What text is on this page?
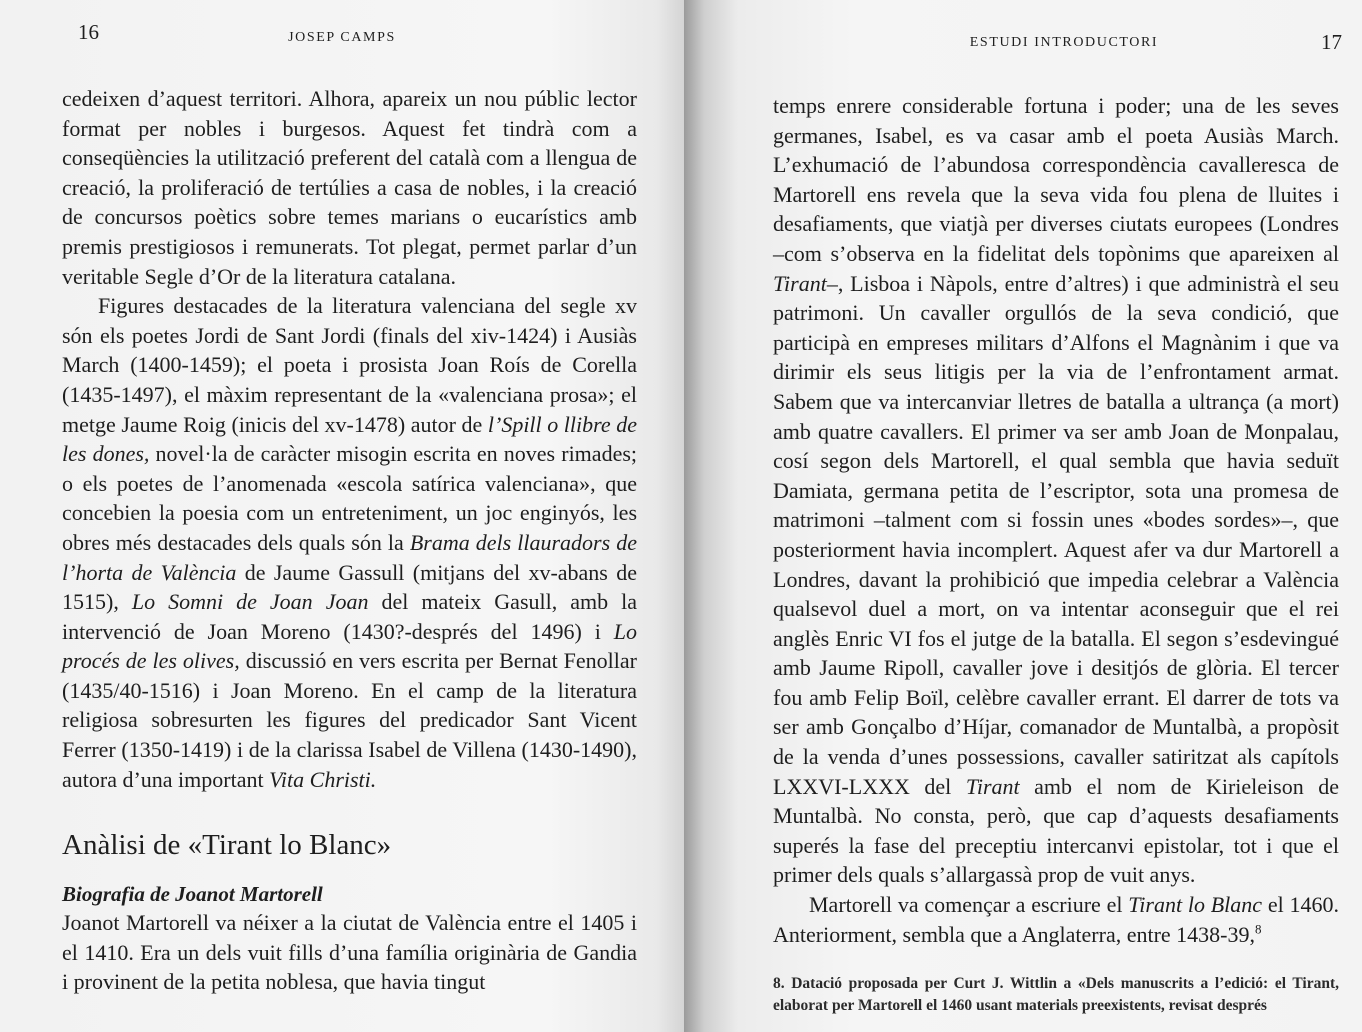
16	JOSEP CAMPS

cedeixen d’aquest territori. Alhora, apareix un nou públic lector format per nobles i burgesos. Aquest fet tindrà com a conseqüències la utilització preferent del català com a llengua de creació, la proliferació de tertúlies a casa de nobles, i la creació de concursos poètics sobre temes marians o eucarístics amb premis prestigiosos i remunerats. Tot plegat, permet parlar d’un veritable Segle d’Or de la literatura catalana.

Figures destacades de la literatura valenciana del segle xv són els poetes Jordi de Sant Jordi (finals del xiv-1424) i Ausiàs March (1400-1459); el poeta i prosista Joan Roís de Corella (1435-1497), el màxim representant de la «valenciana prosa»; el metge Jaume Roig (inicis del xv-1478) autor de l’Spill o llibre de les dones, novel·la de caràcter misogin escrita en noves rimades; o els poetes de l’anomenada «escola satírica valenciana», que concebien la poesia com un entreteniment, un joc enginyós, les obres més destacades dels quals són la Brama dels llauradors de l’horta de València de Jaume Gassull (mitjans del xv-abans de 1515), Lo Somni de Joan Joan del mateix Gasull, amb la intervenció de Joan Moreno (1430?-després del 1496) i Lo procés de les olives, discussió en vers escrita per Bernat Fenollar (1435/40-1516) i Joan Moreno. En el camp de la literatura religiosa sobresurten les figures del predicador Sant Vicent Ferrer (1350-1419) i de la clarissa Isabel de Villena (1430-1490), autora d’una important Vita Christi.

Anàlisi de «Tirant lo Blanc»
Biografia de Joanot Martorell

Joanot Martorell va néixer a la ciutat de València entre el 1405 i el 1410. Era un dels vuit fills d’una família originària de Gandia i provinent de la petita noblesa, que havia tingut

ESTUDI INTRODUCTORI	17

temps enrere considerable fortuna i poder; una de les seves germanes, Isabel, es va casar amb el poeta Ausiàs March. L’exhumació de l’abundosa correspondència cavalleresca de Martorell ens revela que la seva vida fou plena de lluites i desafiaments, que viatjà per diverses ciutats europees (Londres –com s’observa en la fidelitat dels topònims que apareixen al Tirant–, Lisboa i Nàpols, entre d’altres) i que administrà el seu patrimoni. Un cavaller orgullós de la seva condició, que participà en empreses militars d’Alfons el Magnànim i que va dirimir els seus litigis per la via de l’enfrontament armat. Sabem que va intercanviar lletres de batalla a ultrança (a mort) amb quatre cavallers. El primer va ser amb Joan de Monpalau, cosí segon dels Martorell, el qual sembla que havia seduït Damiata, germana petita de l’escriptor, sota una promesa de matrimoni –talment com si fossin unes «bodes sordes»–, que posteriorment havia incomplert. Aquest afer va dur Martorell a Londres, davant la prohibició que impedia celebrar a València qualsevol duel a mort, on va intentar aconseguir que el rei anglès Enric VI fos el jutge de la batalla. El segon s’esdevingué amb Jaume Ripoll, cavaller jove i desitjós de glòria. El tercer fou amb Felip Boïl, celèbre cavaller errant. El darrer de tots va ser amb Gonçalbo d’Híjar, comanador de Muntalbà, a propòsit de la venda d’unes possessions, cavaller satiritzat als capítols LXXVI-LXXX del Tirant amb el nom de Kirieleison de Muntalbà. No consta, però, que cap d’aquests desafiaments superés la fase del preceptiu intercanvi epistolar, tot i que el primer dels quals s’allargassà prop de vuit anys.

Martorell va començar a escriure el Tirant lo Blanc el 1460. Anteriorment, sembla que a Anglaterra, entre 1438-39,$^8$

8. Datació proposada per Curt J. Wittlin a «Dels manuscrits a l’edició: el Tirant, elaborat per Martorell el 1460 usant materials preexistents, revisat després
